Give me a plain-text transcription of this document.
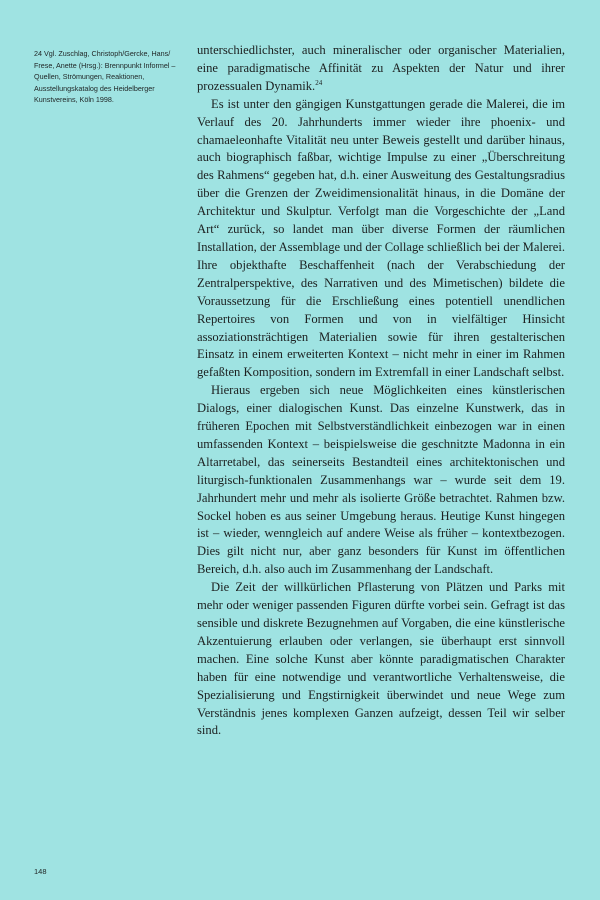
24 Vgl. Zuschlag, Christoph/Gercke, Hans/ Frese, Anette (Hrsg.): Brennpunkt Informel – Quellen, Strömungen, Reaktionen, Ausstellungskatalog des Heidelberger Kunstvereins, Köln 1998.

unterschiedlichster, auch mineralischer oder organischer Materialien, eine paradigmatische Affinität zu Aspekten der Natur und ihrer prozessualen Dynamik.$^{24}$

Es ist unter den gängigen Kunstgattungen gerade die Malerei, die im Verlauf des 20. Jahrhunderts immer wieder ihre phoenix- und chamaeleonhafte Vitalität neu unter Beweis gestellt und darüber hinaus, auch biographisch faßbar, wichtige Impulse zu einer „Überschreitung des Rahmens“ gegeben hat, d.h. einer Ausweitung des Gestaltungsradius über die Grenzen der Zweidimensionalität hinaus, in die Domäne der Architektur und Skulptur. Verfolgt man die Vorgeschichte der „Land Art“ zurück, so landet man über diverse Formen der räumlichen Installation, der Assemblage und der Collage schließlich bei der Malerei. Ihre objekthafte Beschaffenheit (nach der Verabschiedung der Zentralperspektive, des Narrativen und des Mimetischen) bildete die Voraussetzung für die Erschließung eines potentiell unendlichen Repertoires von Formen und von in vielfältiger Hinsicht assoziationsträchtigen Materialien sowie für ihren gestalterischen Einsatz in einem erweiterten Kontext – nicht mehr in einer im Rahmen gefaßten Komposition, sondern im Extremfall in einer Landschaft selbst.

Hieraus ergeben sich neue Möglichkeiten eines künstlerischen Dialogs, einer dialogischen Kunst. Das einzelne Kunstwerk, das in früheren Epochen mit Selbstverständlichkeit einbezogen war in einen umfassenden Kontext – beispielsweise die geschnitzte Madonna in ein Altarretabel, das seinerseits Bestandteil eines architektonischen und liturgisch-funktionalen Zusammenhangs war – wurde seit dem 19. Jahrhundert mehr und mehr als isolierte Größe betrachtet. Rahmen bzw. Sockel hoben es aus seiner Umgebung heraus. Heutige Kunst hingegen ist – wieder, wenngleich auf andere Weise als früher – kontextbezogen. Dies gilt nicht nur, aber ganz besonders für Kunst im öffentlichen Bereich, d.h. also auch im Zusammenhang der Landschaft.

Die Zeit der willkürlichen Pflasterung von Plätzen und Parks mit mehr oder weniger passenden Figuren dürfte vorbei sein. Gefragt ist das sensible und diskrete Bezugnehmen auf Vorgaben, die eine künstlerische Akzentuierung erlauben oder verlangen, sie überhaupt erst sinnvoll machen. Eine solche Kunst aber könnte paradigmatischen Charakter haben für eine notwendige und verantwortliche Verhaltensweise, die Spezialisierung und Engstirnigkeit überwindet und neue Wege zum Verständnis jenes komplexen Ganzen aufzeigt, dessen Teil wir selber sind.

148
